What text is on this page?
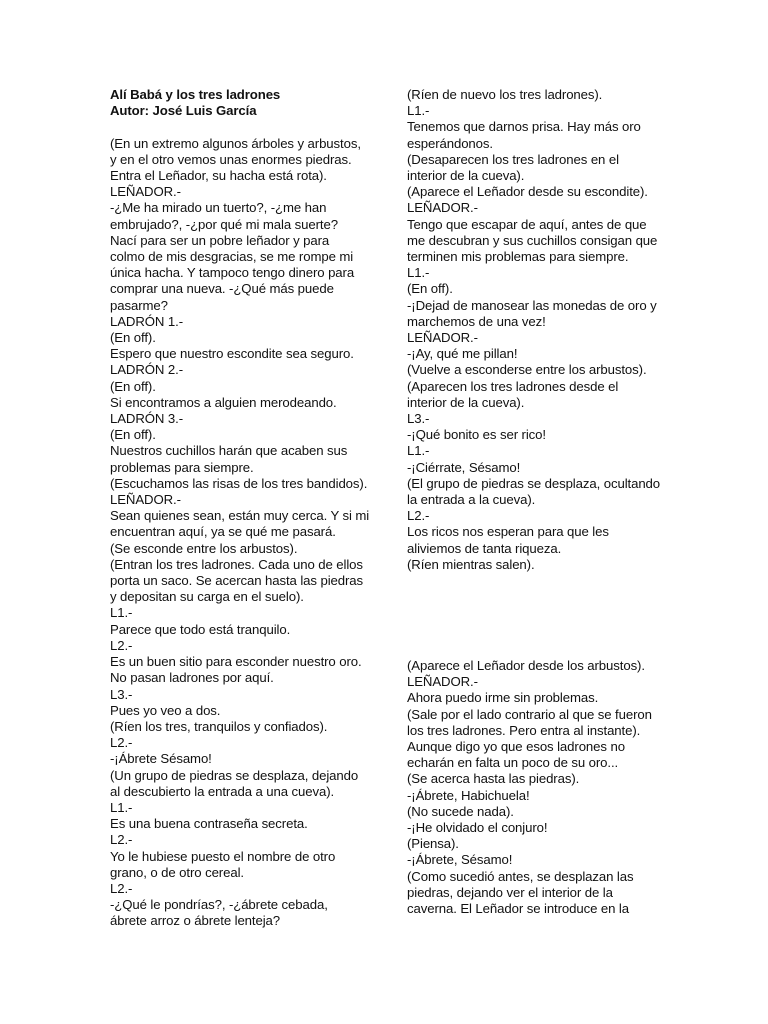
Alí Babá y los tres ladrones
Autor: José Luis García
(En un extremo algunos árboles y arbustos,
y en el otro vemos unas enormes piedras.
Entra el Leñador, su hacha está rota).
LEÑADOR.-
-¿Me ha mirado un tuerto?, -¿me han
embrujado?, -¿por qué mi mala suerte?
Nací para ser un pobre leñador y para
colmo de mis desgracias, se me rompe mi
única hacha. Y tampoco tengo dinero para
comprar una nueva. -¿Qué más puede
pasarme?
LADRÓN 1.-
(En off).
Espero que nuestro escondite sea seguro.
LADRÓN 2.-
(En off).
Si encontramos a alguien merodeando.
LADRÓN 3.-
(En off).
Nuestros cuchillos harán que acaben sus
problemas para siempre.
(Escuchamos las risas de los tres bandidos).
LEÑADOR.-
Sean quienes sean, están muy cerca. Y si mi
encuentran aquí, ya se qué me pasará.
(Se esconde entre los arbustos).
(Entran los tres ladrones. Cada uno de ellos
porta un saco. Se acercan hasta las piedras
y depositan su carga en el suelo).
L1.-
Parece que todo está tranquilo.
L2.-
Es un buen sitio para esconder nuestro oro.
No pasan ladrones por aquí.
L3.-
Pues yo veo a dos.
(Ríen los tres, tranquilos y confiados).
L2.-
-¡Ábrete Sésamo!
(Un grupo de piedras se desplaza, dejando
al descubierto la entrada a una cueva).
L1.-
Es una buena contraseña secreta.
L2.-
Yo le hubiese puesto el nombre de otro
grano, o de otro cereal.
L2.-
-¿Qué le pondrías?, -¿ábrete cebada,
ábrete arroz o ábrete lenteja?
(Ríen de nuevo los tres ladrones).
L1.-
Tenemos que darnos prisa. Hay más oro
esperándonos.
(Desaparecen los tres ladrones en el
interior de la cueva).
(Aparece el Leñador desde su escondite).
LEÑADOR.-
Tengo que escapar de aquí, antes de que
me descubran y sus cuchillos consigan que
terminen mis problemas para siempre.
L1.-
(En off).
-¡Dejad de manosear las monedas de oro y
marchemos de una vez!
LEÑADOR.-
-¡Ay, qué me pillan!
(Vuelve a esconderse entre los arbustos).
(Aparecen los tres ladrones desde el
interior de la cueva).
L3.-
-¡Qué bonito es ser rico!
L1.-
-¡Ciérrate, Sésamo!
(El grupo de piedras se desplaza, ocultando
la entrada a la cueva).
L2.-
Los ricos nos esperan para que les
aliviemos de tanta riqueza.
(Ríen mientras salen).
(Aparece el Leñador desde los arbustos).
LEÑADOR.-
Ahora puedo irme sin problemas.
(Sale por el lado contrario al que se fueron
los tres ladrones. Pero entra al instante).
Aunque digo yo que esos ladrones no
echarán en falta un poco de su oro...
(Se acerca hasta las piedras).
-¡Ábrete, Habichuela!
(No sucede nada).
-¡He olvidado el conjuro!
(Piensa).
-¡Ábrete, Sésamo!
(Como sucedió antes, se desplazan las
piedras, dejando ver el interior de la
caverna. El Leñador se introduce en la
